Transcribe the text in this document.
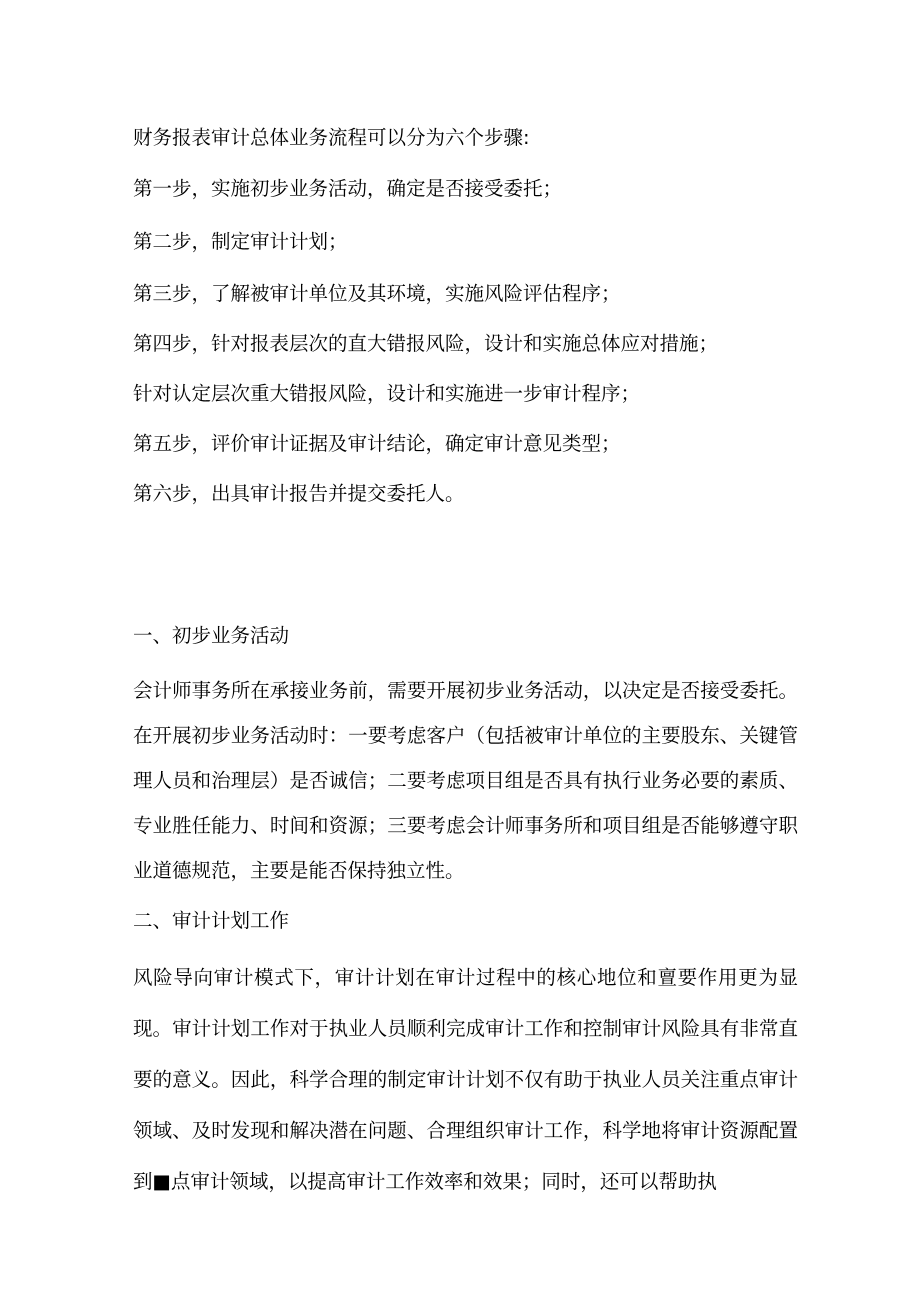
财务报表审计总体业务流程可以分为六个步骤:
第一步，实施初步业务活动，确定是否接受委托；
第二步，制定审计计划；
第三步，了解被审计单位及其环境，实施风险评估程序；
第四步，针对报表层次的直大错报风险，设计和实施总体应对措施；
针对认定层次重大错报风险，设计和实施进一步审计程序；
第五步，评价审计证据及审计结论，确定审计意见类型；
第六步，出具审计报告并提交委托人。
一、初步业务活动
会计师事务所在承接业务前，需要开展初步业务活动，以决定是否接受委托。在开展初步业务活动时：一要考虑客户（包括被审计单位的主要股东、关键管理人员和治理层）是否诚信；二要考虑项目组是否具有执行业务必要的素质、专业胜任能力、时间和资源；三要考虑会计师事务所和项目组是否能够遵守职业道德规范，主要是能否保持独立性。
二、审计计划工作
风险导向审计模式下，审计计划在审计过程中的核心地位和亶要作用更为显现。审计计划工作对于执业人员顺利完成审计工作和控制审计风险具有非常直要的意义。因此，科学合理的制定审计计划不仅有助于执业人员关注重点审计领域、及时发现和解决潜在问题、合理组织审计工作，科学地将审计资源配置到■点审计领域，以提高审计工作效率和效果；同时，还可以帮助执
